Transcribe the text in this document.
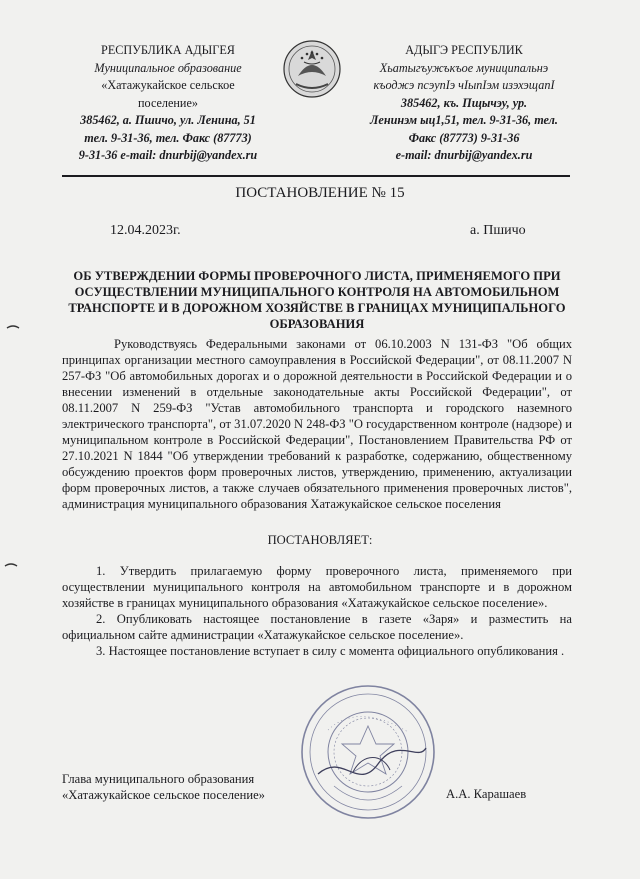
РЕСПУБЛИКА АДЫГЕЯ
Муниципальное образование
«Хатажукайское сельское
поселение»
385462, а. Пшичо, ул. Ленина, 51
тел. 9-31-36, тел. Факс (87773)
9-31-36 e-mail: dnurbij@yandex.ru
АДЫГЭ РЕСПУБЛИК
Хьатыгъужъкъое муниципальнэ
къоджэ псэупIэ чIыпIэм изэхэщапI
385462, къ. Пщычэу, ур.
Ленинэм ыц1,51, тел. 9-31-36, тел.
Факс (87773) 9-31-36
e-mail: dnurbij@yandex.ru
ПОСТАНОВЛЕНИЕ № 15
12.04.2023г.	а. Пшичо
ОБ УТВЕРЖДЕНИИ ФОРМЫ ПРОВЕРОЧНОГО ЛИСТА, ПРИМЕНЯЕМОГО ПРИ ОСУЩЕСТВЛЕНИИ МУНИЦИПАЛЬНОГО КОНТРОЛЯ НА АВТОМОБИЛЬНОМ ТРАНСПОРТЕ И В ДОРОЖНОМ ХОЗЯЙСТВЕ В ГРАНИЦАХ МУНИЦИПАЛЬНОГО ОБРАЗОВАНИЯ
Руководствуясь Федеральными законами от 06.10.2003 N 131-ФЗ "Об общих принципах организации местного самоуправления в Российской Федерации", от 08.11.2007 N 257-ФЗ "Об автомобильных дорогах и о дорожной деятельности в Российской Федерации и о внесении изменений в отдельные законодательные акты Российской Федерации", от 08.11.2007 N 259-ФЗ "Устав автомобильного транспорта и городского наземного электрического транспорта", от 31.07.2020 N 248-ФЗ "О государственном контроле (надзоре) и муниципальном контроле в Российской Федерации", Постановлением Правительства РФ от 27.10.2021 N 1844 "Об утверждении требований к разработке, содержанию, общественному обсуждению проектов форм проверочных листов, утверждению, применению, актуализации форм проверочных листов, а также случаев обязательного применения проверочных листов", администрация муниципального образования Хатажукайское сельское поселения
ПОСТАНОВЛЯЕТ:

1. Утвердить прилагаемую форму проверочного листа, применяемого при осуществлении муниципального контроля на автомобильном транспорте и в дорожном хозяйстве в границах муниципального образования «Хатажукайское сельское поселение».

2. Опубликовать настоящее постановление в газете «Заря» и разместить на официальном сайте администрации «Хатажукайское сельское поселение».

3. Настоящее постановление вступает в силу с момента официального опубликования .

Глава муниципального образования
«Хатажукайское сельское поселение»	А.А. Карашаев
